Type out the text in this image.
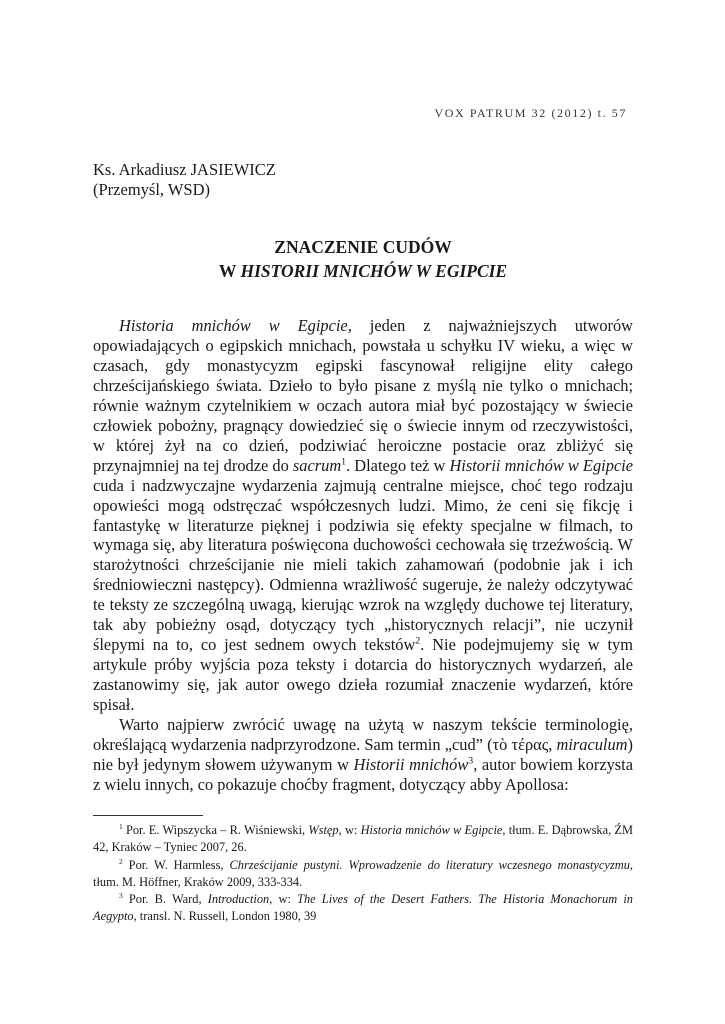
VOX PATRUM 32 (2012) t. 57
Ks. Arkadiusz JASIEWICZ
(Przemyśl, WSD)
ZNACZENIE CUDÓW
W HISTORII MNICHÓW W EGIPCIE

Historia mnichów w Egipcie, jeden z najważniejszych utworów opowiadających o egipskich mnichach, powstała u schyłku IV wieku, a więc w czasach, gdy monastycyzm egipski fascynował religijne elity całego chrześcijańskiego świata. Dzieło to było pisane z myślą nie tylko o mnichach; równie ważnym czytelnikiem w oczach autora miał być pozostający w świecie człowiek pobożny, pragnący dowiedzieć się o świecie innym od rzeczywistości, w której żył na co dzień, podziwiać heroiczne postacie oraz zbliżyć się przynajmniej na tej drodze do sacrum$^1$. Dlatego też w Historii mnichów w Egipcie cuda i nadzwyczajne wydarzenia zajmują centralne miejsce, choć tego rodzaju opowieści mogą odstręczać współczesnych ludzi. Mimo, że ceni się fikcję i fantastykę w literaturze pięknej i podziwia się efekty specjalne w filmach, to wymaga się, aby literatura poświęcona duchowości cechowała się trzeźwością. W starożytności chrześcijanie nie mieli takich zahamowań (podobnie jak i ich średniowieczni następcy). Odmienna wrażliwość sugeruje, że należy odczytywać te teksty ze szczególną uwagą, kierując wzrok na względy duchowe tej literatury, tak aby pobieżny osąd, dotyczący tych „historycznych relacji”, nie uczynił ślepymi na to, co jest sednem owych tekstów$^2$. Nie podejmujemy się w tym artykule próby wyjścia poza teksty i dotarcia do historycznych wydarzeń, ale zastanowimy się, jak autor owego dzieła rozumiał znaczenie wydarzeń, które spisał.

Warto najpierw zwrócić uwagę na użytą w naszym tekście terminologię, określającą wydarzenia nadprzyrodzone. Sam termin „cud” (τὸ τέρας, miraculum) nie był jedynym słowem używanym w Historii mnichów$^3$, autor bowiem korzysta z wielu innych, co pokazuje choćby fragment, dotyczący abby Apollosa:

$^1$ Por. E. Wipszycka – R. Wiśniewski, Wstęp, w: Historia mnichów w Egipcie, tłum. E. Dąbrowska, ŹM 42, Kraków – Tyniec 2007, 26.

$^2$ Por. W. Harmless, Chrześcijanie pustyni. Wprowadzenie do literatury wczesnego monastycyzmu, tłum. M. Höffner, Kraków 2009, 333-334.

$^3$ Por. B. Ward, Introduction, w: The Lives of the Desert Fathers. The Historia Monachorum in Aegypto, transl. N. Russell, London 1980, 39
